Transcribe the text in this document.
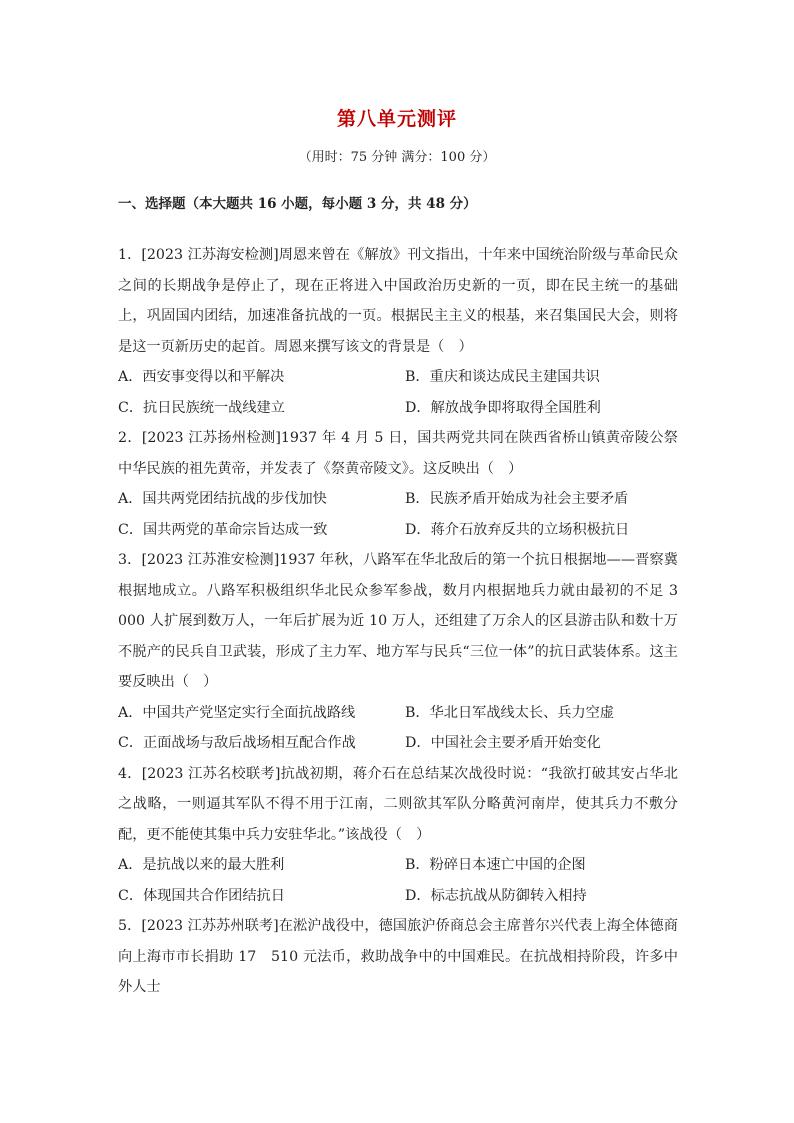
第八单元测评
（用时：75 分钟 满分：100 分）
一、选择题（本大题共 16 小题，每小题 3 分，共 48 分）
1．[2023 江苏海安检测]周恩来曾在《解放》刊文指出，十年来中国统治阶级与革命民众之间的长期战争是停止了，现在正将进入中国政治历史新的一页，即在民主统一的基础上，巩固国内团结，加速准备抗战的一页。根据民主主义的根基，来召集国民大会，则将是这一页新历史的起首。周恩来撰写该文的背景是（　）
A．西安事变得以和平解决	B．重庆和谈达成民主建国共识
C．抗日民族统一战线建立	D．解放战争即将取得全国胜利
2．[2023 江苏扬州检测]1937 年 4 月 5 日，国共两党共同在陕西省桥山镇黄帝陵公祭中华民族的祖先黄帝，并发表了《祭黄帝陵文》。这反映出（　）
A．国共两党团结抗战的步伐加快	B．民族矛盾开始成为社会主要矛盾
C．国共两党的革命宗旨达成一致	D．蒋介石放弃反共的立场积极抗日
3．[2023 江苏淮安检测]1937 年秋，八路军在华北敌后的第一个抗日根据地——晋察冀根据地成立。八路军积极组织华北民众参军参战，数月内根据地兵力就由最初的不足 3 000 人扩展到数万人，一年后扩展为近 10 万人，还组建了万余人的区县游击队和数十万不脱产的民兵自卫武装，形成了主力军、地方军与民兵“三位一体”的抗日武装体系。这主要反映出（　）
A．中国共产党坚定实行全面抗战路线	B．华北日军战线太长、兵力空虚
C．正面战场与敌后战场相互配合作战	D．中国社会主要矛盾开始变化
4．[2023 江苏名校联考]抗战初期，蒋介石在总结某次战役时说：“我欲打破其安占华北之战略，一则逼其军队不得不用于江南，二则欲其军队分略黄河南岸，使其兵力不敷分配，更不能使其集中兵力安驻华北。”该战役（　）
A．是抗战以来的最大胜利	B．粉碎日本速亡中国的企图
C．体现国共合作团结抗日	D．标志抗战从防御转入相持
5．[2023 江苏苏州联考]在淞沪战役中，德国旅沪侨商总会主席普尔兴代表上海全体德商向上海市市长捐助 17　510 元法币，救助战争中的中国难民。在抗战相持阶段，许多中外人士
